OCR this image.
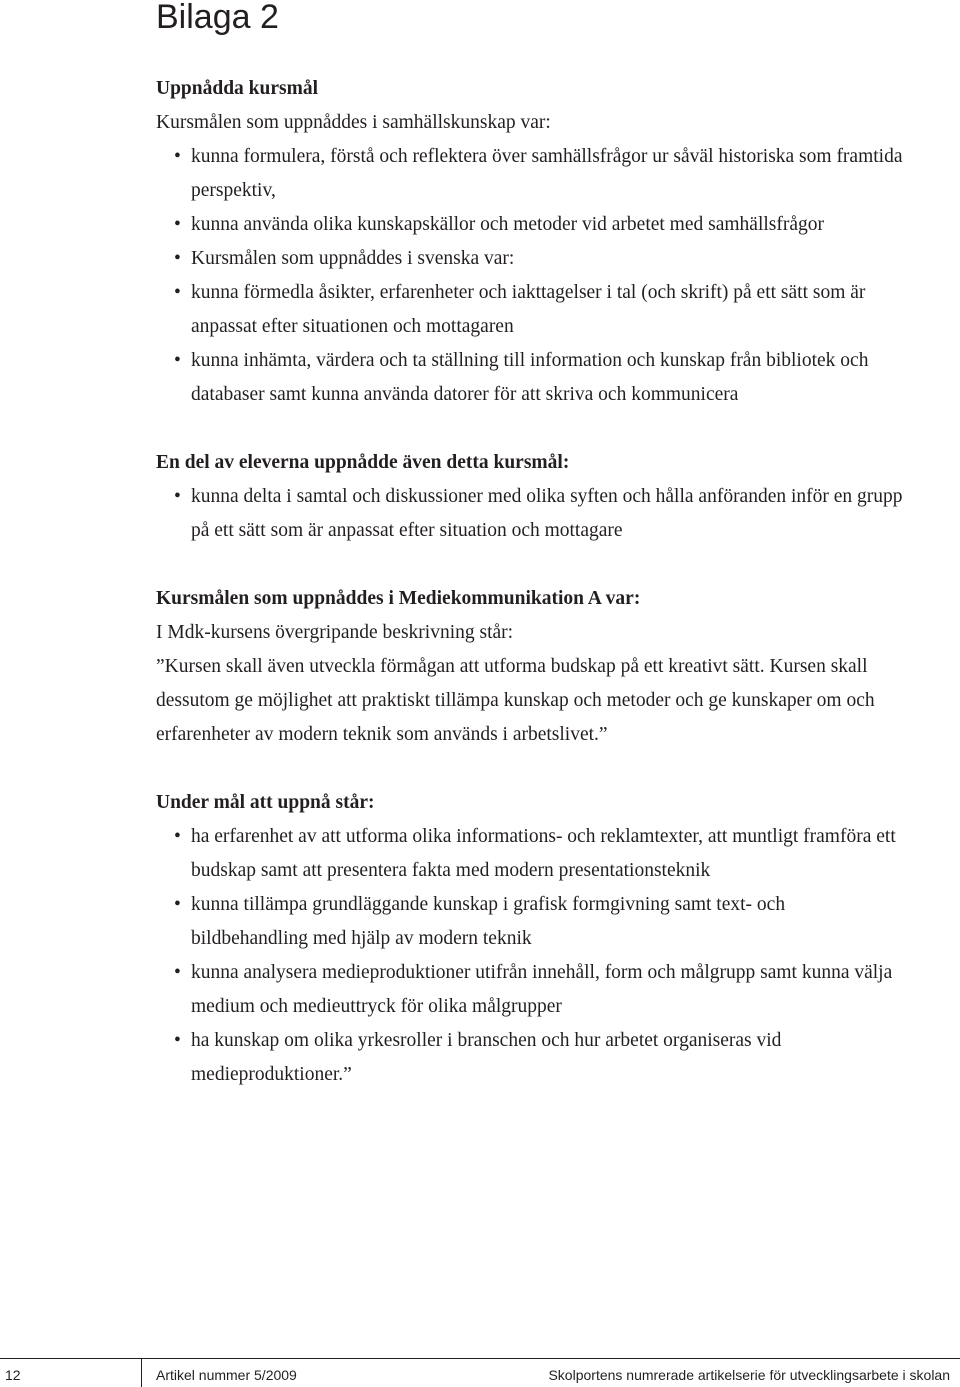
Bilaga 2

Uppnådda kursmål

Kursmålen som uppnåddes i samhällskunskap var:

• kunna formulera, förstå och reflektera över samhällsfrågor ur såväl historiska som framtida
perspektiv,
• kunna använda olika kunskapskällor och metoder vid arbetet med samhällsfrågor
• Kursmålen som uppnåddes i svenska var:
• kunna förmedla åsikter, erfarenheter och iakttagelser i tal (och skrift) på ett sätt som är
anpassat efter situationen och mottagaren
• kunna inhämta, värdera och ta ställning till information och kunskap från bibliotek och
databaser samt kunna använda datorer för att skriva och kommunicera

En del av eleverna uppnådde även detta kursmål:

• kunna delta i samtal och diskussioner med olika syften och hålla anföranden inför en grupp
på ett sätt som är anpassat efter situation och mottagare

Kursmålen som uppnåddes i Mediekommunikation A var:

I Mdk-kursens övergripande beskrivning står:

”Kursen skall även utveckla förmågan att utforma budskap på ett kreativt sätt. Kursen skall

dessutom ge möjlighet att praktiskt tillämpa kunskap och metoder och ge kunskaper om och

erfarenheter av modern teknik som används i arbetslivet.”

Under mål att uppnå står:

• ha erfarenhet av att utforma olika informations- och reklamtexter, att muntligt framföra ett
budskap samt att presentera fakta med modern presentationsteknik
• kunna tillämpa grundläggande kunskap i grafisk formgivning samt text- och
bildbehandling med hjälp av modern teknik
• kunna analysera medieproduktioner utifrån innehåll, form och målgrupp samt kunna välja
medium och medieuttryck för olika målgrupper
• ha kunskap om olika yrkesroller i branschen och hur arbetet organiseras vid
medieproduktioner.”
12	Artikel nummer 5/2009	Skolportens numrerade artikelserie för utvecklingsarbete i skolan
